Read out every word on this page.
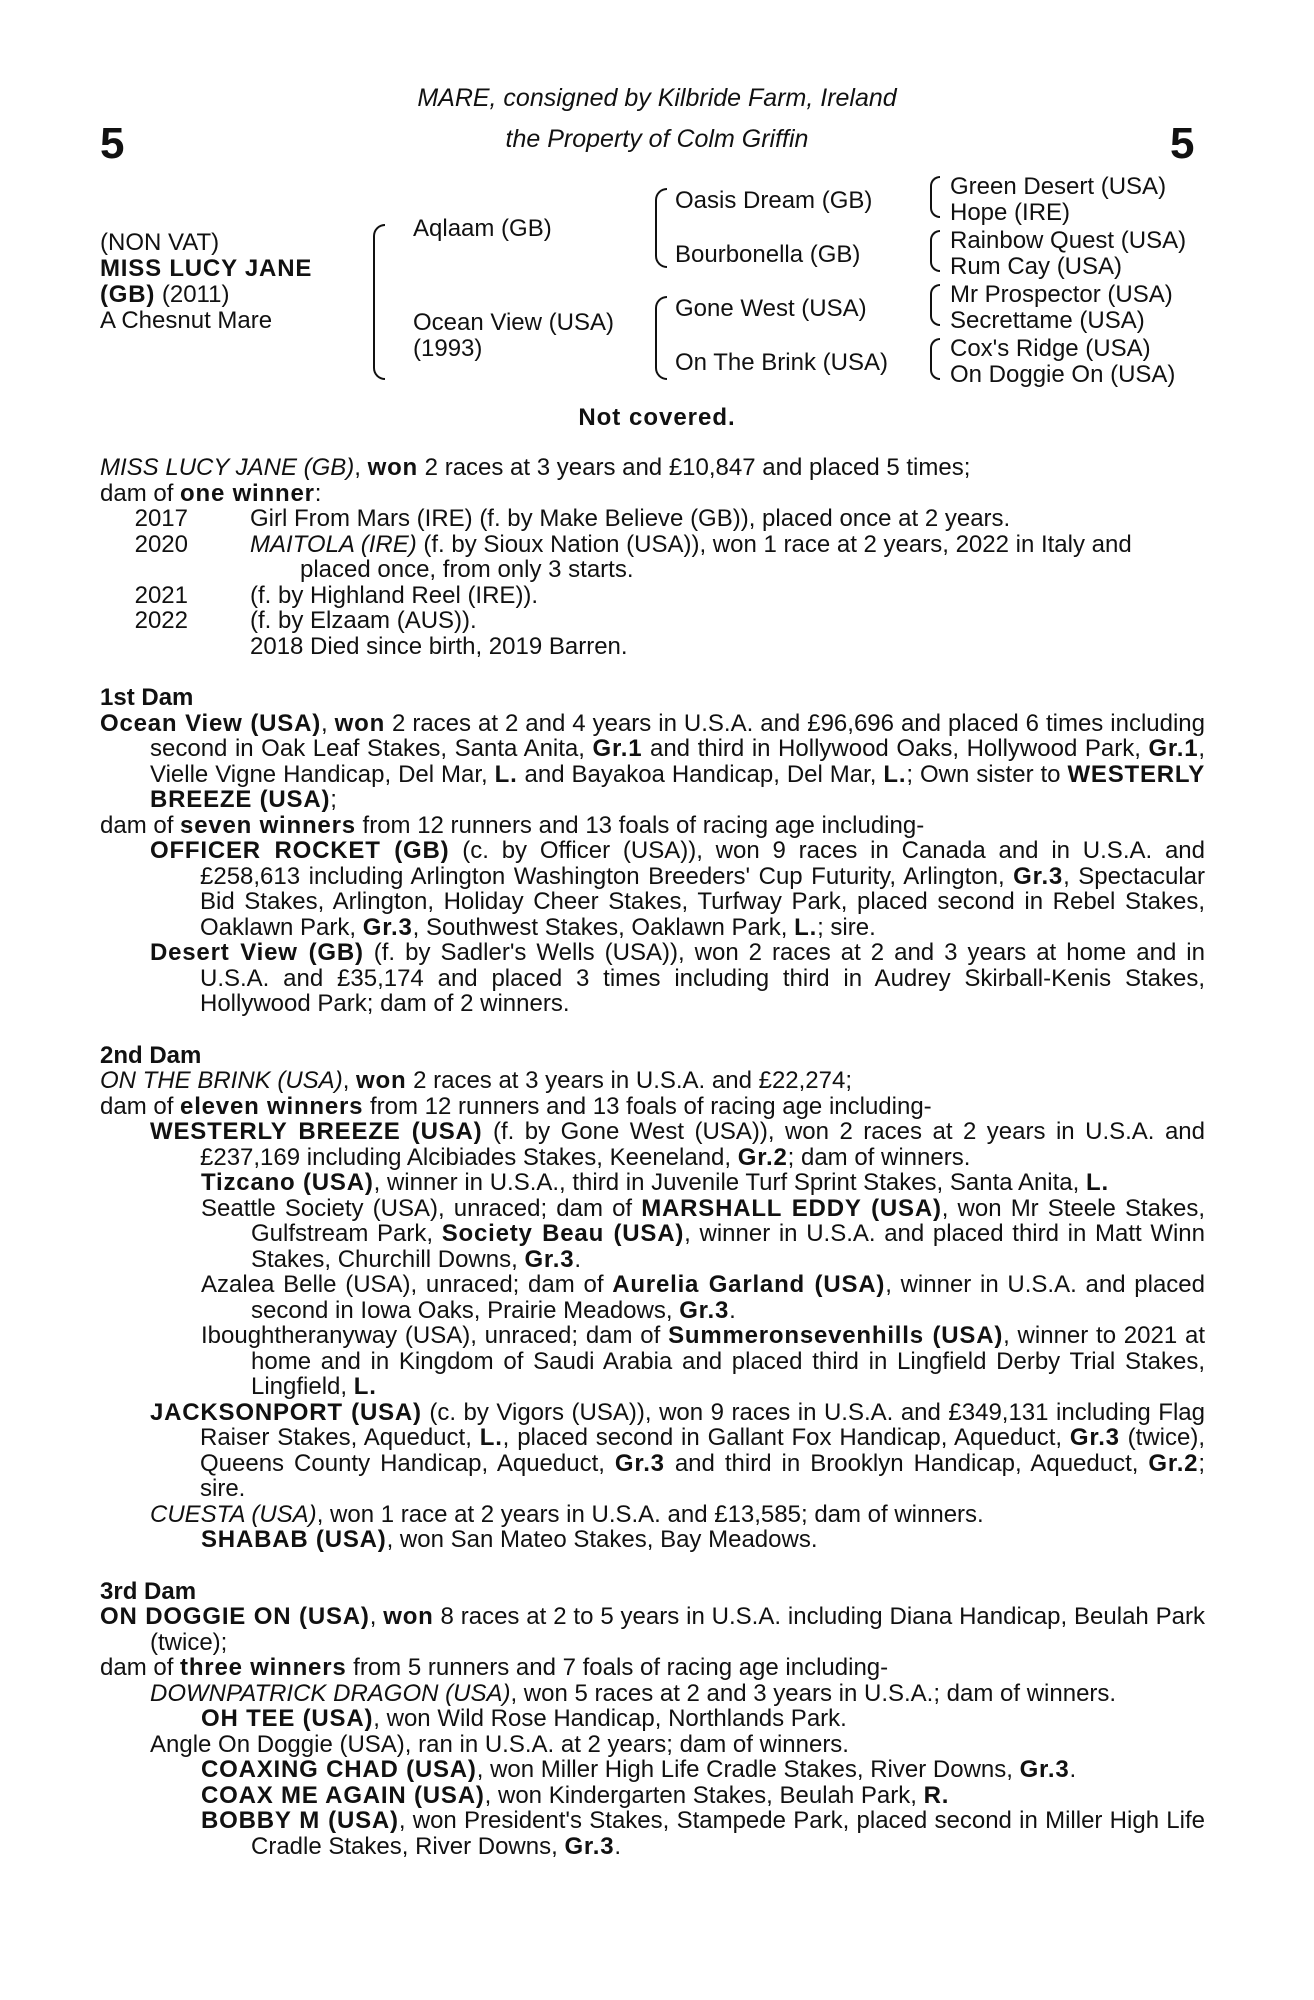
5	5
MARE, consigned by Kilbride Farm, Ireland
the Property of Colm Griffin
(NON VAT)
MISS LUCY JANE
(GB) (2011)
A Chesnut Mare
Aqlaam (GB)
Ocean View (USA)
(1993)
Oasis Dream (GB)
Bourbonella (GB)
Gone West (USA)
On The Brink (USA)
Green Desert (USA)
Hope (IRE)
Rainbow Quest (USA)
Rum Cay (USA)
Mr Prospector (USA)
Secrettame (USA)
Cox's Ridge (USA)
On Doggie On (USA)
Not covered.
MISS LUCY JANE (GB), won 2 races at 3 years and £10,847 and placed 5 times;
dam of one winner:
2017	Girl From Mars (IRE) (f. by Make Believe (GB)), placed once at 2 years.
2020	MAITOLA (IRE) (f. by Sioux Nation (USA)), won 1 race at 2 years, 2022 in Italy and
placed once, from only 3 starts.
2021	(f. by Highland Reel (IRE)).
2022	(f. by Elzaam (AUS)).
2018 Died since birth, 2019 Barren.
1st Dam
Ocean View (USA), won 2 races at 2 and 4 years in U.S.A. and £96,696 and placed 6 times including second in Oak Leaf Stakes, Santa Anita, Gr.1 and third in Hollywood Oaks, Hollywood Park, Gr.1, Vielle Vigne Handicap, Del Mar, L. and Bayakoa Handicap, Del Mar, L.; Own sister to WESTERLY BREEZE (USA);
dam of seven winners from 12 runners and 13 foals of racing age including-
OFFICER ROCKET (GB) (c. by Officer (USA)), won 9 races in Canada and in U.S.A. and £258,613 including Arlington Washington Breeders' Cup Futurity, Arlington, Gr.3, Spectacular Bid Stakes, Arlington, Holiday Cheer Stakes, Turfway Park, placed second in Rebel Stakes, Oaklawn Park, Gr.3, Southwest Stakes, Oaklawn Park, L.; sire.
Desert View (GB) (f. by Sadler's Wells (USA)), won 2 races at 2 and 3 years at home and in U.S.A. and £35,174 and placed 3 times including third in Audrey Skirball-Kenis Stakes, Hollywood Park; dam of 2 winners.
2nd Dam
ON THE BRINK (USA), won 2 races at 3 years in U.S.A. and £22,274;
dam of eleven winners from 12 runners and 13 foals of racing age including-
WESTERLY BREEZE (USA) (f. by Gone West (USA)), won 2 races at 2 years in U.S.A. and £237,169 including Alcibiades Stakes, Keeneland, Gr.2; dam of winners.
Tizcano (USA), winner in U.S.A., third in Juvenile Turf Sprint Stakes, Santa Anita, L.
Seattle Society (USA), unraced; dam of MARSHALL EDDY (USA), won Mr Steele Stakes, Gulfstream Park, Society Beau (USA), winner in U.S.A. and placed third in Matt Winn Stakes, Churchill Downs, Gr.3.
Azalea Belle (USA), unraced; dam of Aurelia Garland (USA), winner in U.S.A. and placed second in Iowa Oaks, Prairie Meadows, Gr.3.
Iboughtheranyway (USA), unraced; dam of Summeronsevenhills (USA), winner to 2021 at home and in Kingdom of Saudi Arabia and placed third in Lingfield Derby Trial Stakes, Lingfield, L.
JACKSONPORT (USA) (c. by Vigors (USA)), won 9 races in U.S.A. and £349,131 including Flag Raiser Stakes, Aqueduct, L., placed second in Gallant Fox Handicap, Aqueduct, Gr.3 (twice), Queens County Handicap, Aqueduct, Gr.3 and third in Brooklyn Handicap, Aqueduct, Gr.2; sire.
CUESTA (USA), won 1 race at 2 years in U.S.A. and £13,585; dam of winners.
SHABAB (USA), won San Mateo Stakes, Bay Meadows.
3rd Dam
ON DOGGIE ON (USA), won 8 races at 2 to 5 years in U.S.A. including Diana Handicap, Beulah Park (twice);
dam of three winners from 5 runners and 7 foals of racing age including-
DOWNPATRICK DRAGON (USA), won 5 races at 2 and 3 years in U.S.A.; dam of winners.
OH TEE (USA), won Wild Rose Handicap, Northlands Park.
Angle On Doggie (USA), ran in U.S.A. at 2 years; dam of winners.
COAXING CHAD (USA), won Miller High Life Cradle Stakes, River Downs, Gr.3.
COAX ME AGAIN (USA), won Kindergarten Stakes, Beulah Park, R.
BOBBY M (USA), won President's Stakes, Stampede Park, placed second in Miller High Life Cradle Stakes, River Downs, Gr.3.
